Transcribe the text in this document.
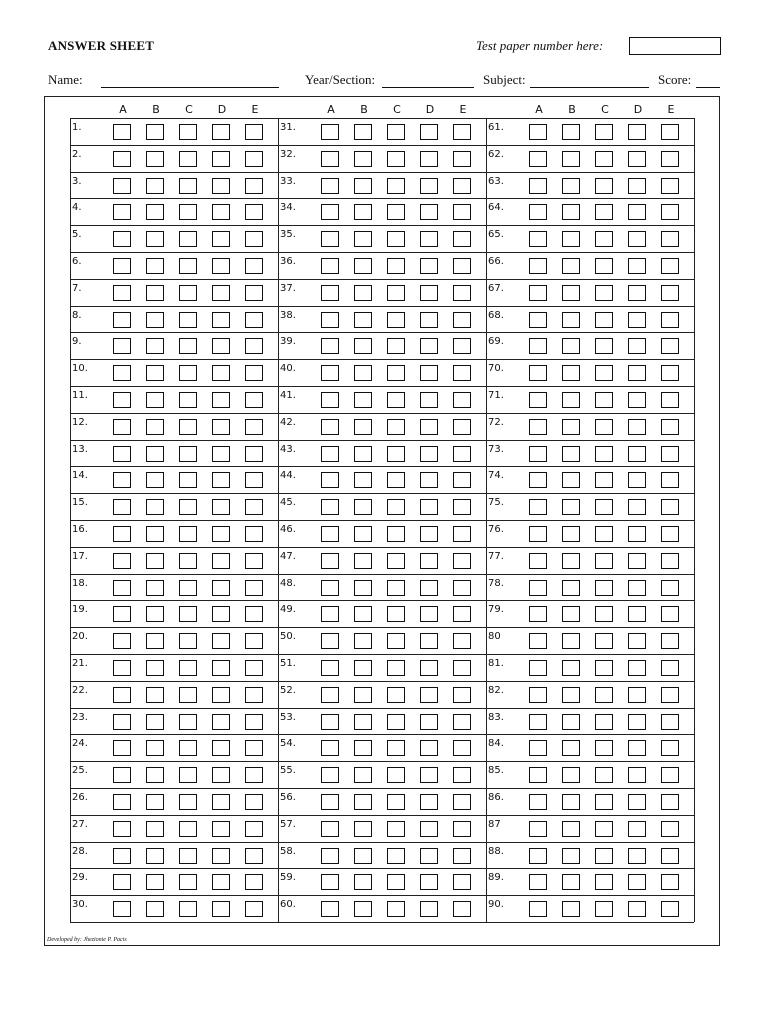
ANSWER SHEET	Test paper number here:
Name:	Year/Section:	Subject:	Score:
A	B	C	D	E	A	B	C	D	E	A	B	C	D	E
1.
2.
3.
4.
5.
6.
7.
8.
9.
10.
11.
12.
13.
14.
15.
16.
17.
18.
19.
20.
21.
22.
23.
24.
25.
26.
27.
28.
29.
30.
31.
32.
33.
34.
35.
36.
37.
38.
39.
40.
41.
42.
43.
44.
45.
46.
47.
48.
49.
50.
51.
52.
53.
54.
55.
56.
57.
58.
59.
60.
61.
62.
63.
64.
65.
66.
67.
68.
69.
70.
71.
72.
73.
74.
75.
76.
77.
78.
79.
80
81.
82.
83.
84.
85.
86.
87
88.
89.
90.
Developed by: Jhezionie P. Pacis
